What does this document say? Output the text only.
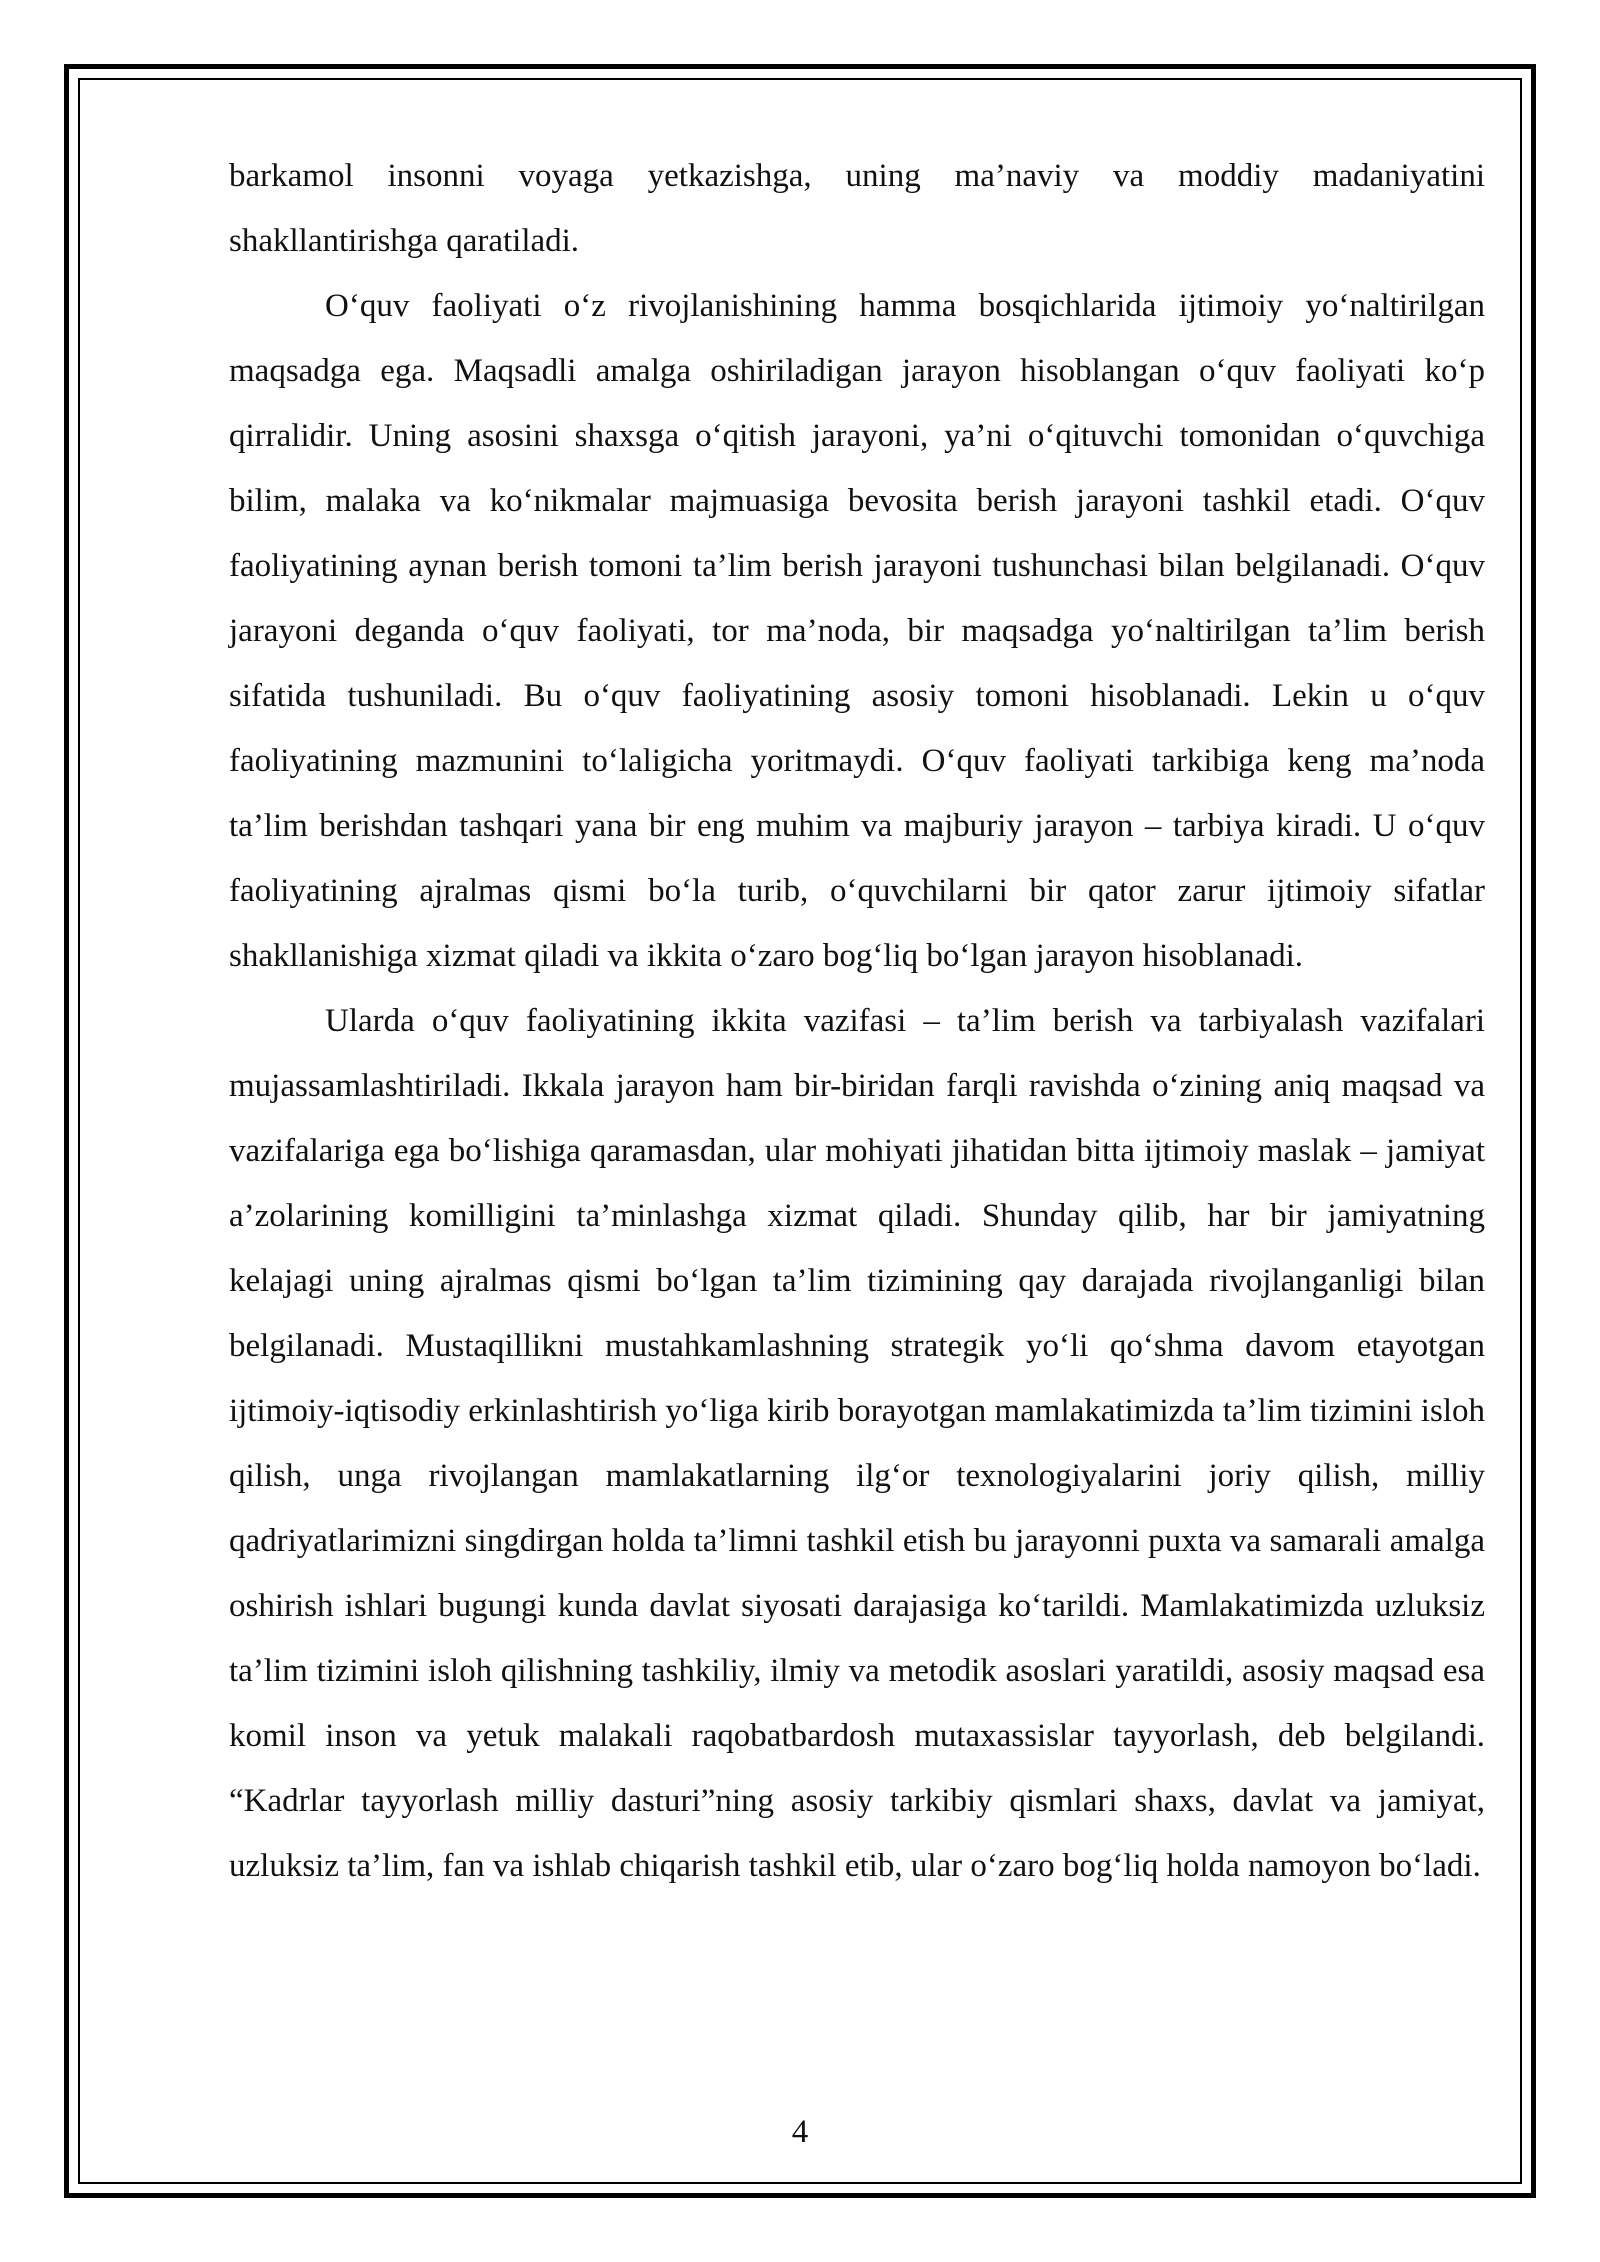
barkamol insonni voyaga yetkazishga, uning ma’naviy va moddiy madaniyatini shakllantirishga qaratiladi.

O‘quv faoliyati o‘z rivojlanishining hamma bosqichlarida ijtimoiy yo‘naltirilgan maqsadga ega. Maqsadli amalga oshiriladigan jarayon hisoblangan o‘quv faoliyati ko‘p qirralidir. Uning asosini shaxsga o‘qitish jarayoni, ya’ni o‘qituvchi tomonidan o‘quvchiga bilim, malaka va ko‘nikmalar majmuasiga bevosita berish jarayoni tashkil etadi. O‘quv faoliyatining aynan berish tomoni ta’lim berish jarayoni tushunchasi bilan belgilanadi. O‘quv jarayoni deganda o‘quv faoliyati, tor ma’noda, bir maqsadga yo‘naltirilgan ta’lim berish sifatida tushuniladi. Bu o‘quv faoliyatining asosiy tomoni hisoblanadi. Lekin u o‘quv faoliyatining mazmunini to‘laligicha yoritmaydi. O‘quv faoliyati tarkibiga keng ma’noda ta’lim berishdan tashqari yana bir eng muhim va majburiy jarayon – tarbiya kiradi. U o‘quv faoliyatining ajralmas qismi bo‘la turib, o‘quvchilarni bir qator zarur ijtimoiy sifatlar shakllanishiga xizmat qiladi va ikkita o‘zaro bog‘liq bo‘lgan jarayon hisoblanadi.

Ularda o‘quv faoliyatining ikkita vazifasi – ta’lim berish va tarbiyalash vazifalari mujassamlashtiriladi. Ikkala jarayon ham bir-biridan farqli ravishda o‘zining aniq maqsad va vazifalariga ega bo‘lishiga qaramasdan, ular mohiyati jihatidan bitta ijtimoiy maslak – jamiyat a’zolarining komilligini ta’minlashga xizmat qiladi. Shunday qilib, har bir jamiyatning kelajagi uning ajralmas qismi bo‘lgan ta’lim tizimining qay darajada rivojlanganligi bilan belgilanadi. Mustaqillikni mustahkamlashning strategik yo‘li qo‘shma davom etayotgan ijtimoiy-iqtisodiy erkinlashtirish yo‘liga kirib borayotgan mamlakatimizda ta’lim tizimini isloh qilish, unga rivojlangan mamlakatlarning ilg‘or texnologiyalarini joriy qilish, milliy qadriyatlarimizni singdirgan holda ta’limni tashkil etish bu jarayonni puxta va samarali amalga oshirish ishlari bugungi kunda davlat siyosati darajasiga ko‘tarildi. Mamlakatimizda uzluksiz ta’lim tizimini isloh qilishning tashkiliy, ilmiy va metodik asoslari yaratildi, asosiy maqsad esa komil inson va yetuk malakali raqobatbardosh mutaxassislar tayyorlash, deb belgilandi. “Kadrlar tayyorlash milliy dasturi”ning asosiy tarkibiy qismlari shaxs, davlat va jamiyat, uzluksiz ta’lim, fan va ishlab chiqarish tashkil etib, ular o‘zaro bog‘liq holda namoyon bo‘ladi.

4
